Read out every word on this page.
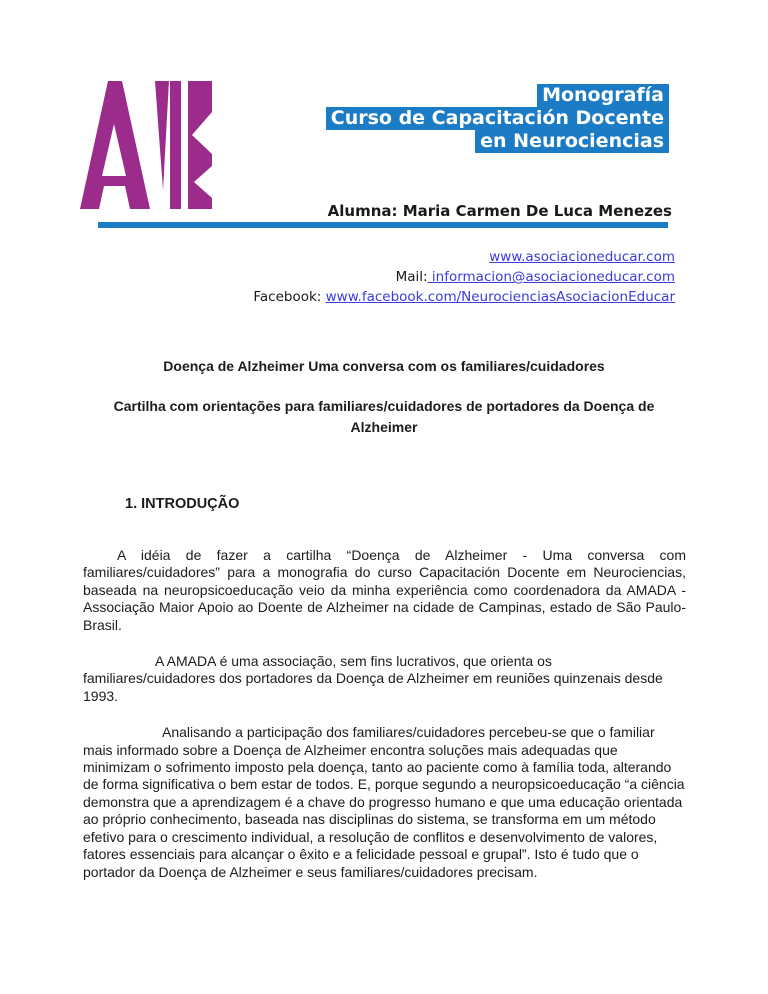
Monografía
Curso de Capacitación Docente
en Neurociencias
Alumna: Maria Carmen De Luca Menezes
www.asociacioneducar.com
Mail: informacion@asociacioneducar.com
Facebook: www.facebook.com/NeurocienciasAsociacionEducar
Doença de Alzheimer Uma conversa com os familiares/cuidadores
Cartilha com orientações para familiares/cuidadores de portadores da Doença de Alzheimer
1. INTRODUÇÃO

A idéia de fazer a cartilha “Doença de Alzheimer - Uma conversa com familiares/cuidadores” para a monografia do curso Capacitación Docente em Neurociencias, baseada na neuropsicoeducação veio da minha experiência como coordenadora da AMADA - Associação Maior Apoio ao Doente de Alzheimer na cidade de Campinas, estado de São Paulo-Brasil.

A AMADA é uma associação, sem fins lucrativos, que orienta os familiares/cuidadores dos portadores da Doença de Alzheimer em reuniões quinzenais desde 1993.

Analisando a participação dos familiares/cuidadores percebeu-se que o familiar mais informado sobre a Doença de Alzheimer encontra soluções mais adequadas que minimizam o sofrimento imposto pela doença, tanto ao paciente como à família toda, alterando de forma significativa o bem estar de todos. E, porque segundo a neuropsicoeducação “a ciência demonstra que a aprendizagem é a chave do progresso humano e que uma educação orientada ao próprio conhecimento, baseada nas disciplinas do sistema, se transforma em um método efetivo para o crescimento individual, a resolução de conflitos e desenvolvimento de valores, fatores essenciais para alcançar o êxito e a felicidade pessoal e grupal”. Isto é tudo que o portador da Doença de Alzheimer e seus familiares/cuidadores precisam.
